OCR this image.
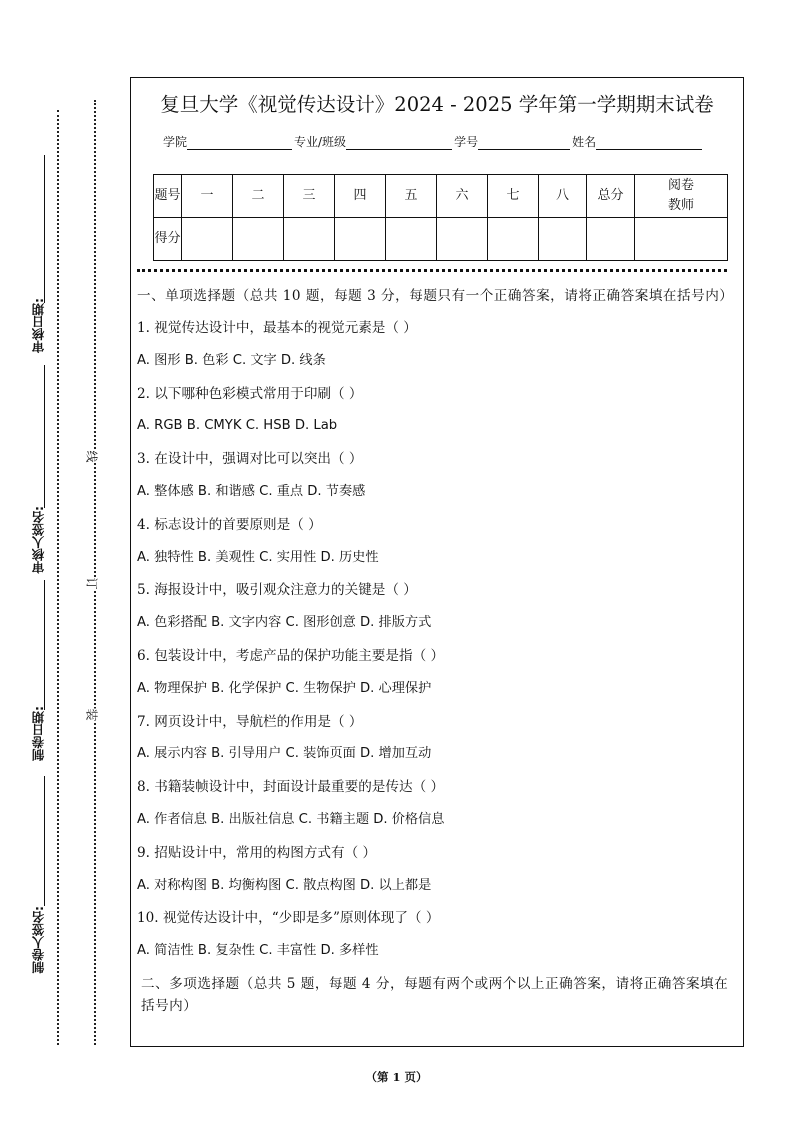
审核日期:
审核人签名:
制卷日期:
制卷人签名:
线
订
装
复旦大学《视觉传达设计》2024 - 2025 学年第一学期期末试卷
学院	专业/班级	学号	姓名
题号	一	二	三	四	五	六	七	八	总分	阅卷教师
得分										
一、单项选择题（总共 10 题，每题 3 分，每题只有一个正确答案，请将正确答案填在括号内）
1. 视觉传达设计中，最基本的视觉元素是（ ）
A. 图形 B. 色彩 C. 文字 D. 线条
2. 以下哪种色彩模式常用于印刷（ ）
A. RGB B. CMYK C. HSB D. Lab
3. 在设计中，强调对比可以突出（ ）
A. 整体感 B. 和谐感 C. 重点 D. 节奏感
4. 标志设计的首要原则是（ ）
A. 独特性 B. 美观性 C. 实用性 D. 历史性
5. 海报设计中，吸引观众注意力的关键是（ ）
A. 色彩搭配 B. 文字内容 C. 图形创意 D. 排版方式
6. 包装设计中，考虑产品的保护功能主要是指（ ）
A. 物理保护 B. 化学保护 C. 生物保护 D. 心理保护
7. 网页设计中，导航栏的作用是（ ）
A. 展示内容 B. 引导用户 C. 装饰页面 D. 增加互动
8. 书籍装帧设计中，封面设计最重要的是传达（ ）
A. 作者信息 B. 出版社信息 C. 书籍主题 D. 价格信息
9. 招贴设计中，常用的构图方式有（ ）
A. 对称构图 B. 均衡构图 C. 散点构图 D. 以上都是
10. 视觉传达设计中，“少即是多”原则体现了（ ）
A. 简洁性 B. 复杂性 C. 丰富性 D. 多样性
二、多项选择题（总共 5 题，每题 4 分，每题有两个或两个以上正确答案，请将正确答案填在括号内）
（第 1 页）
